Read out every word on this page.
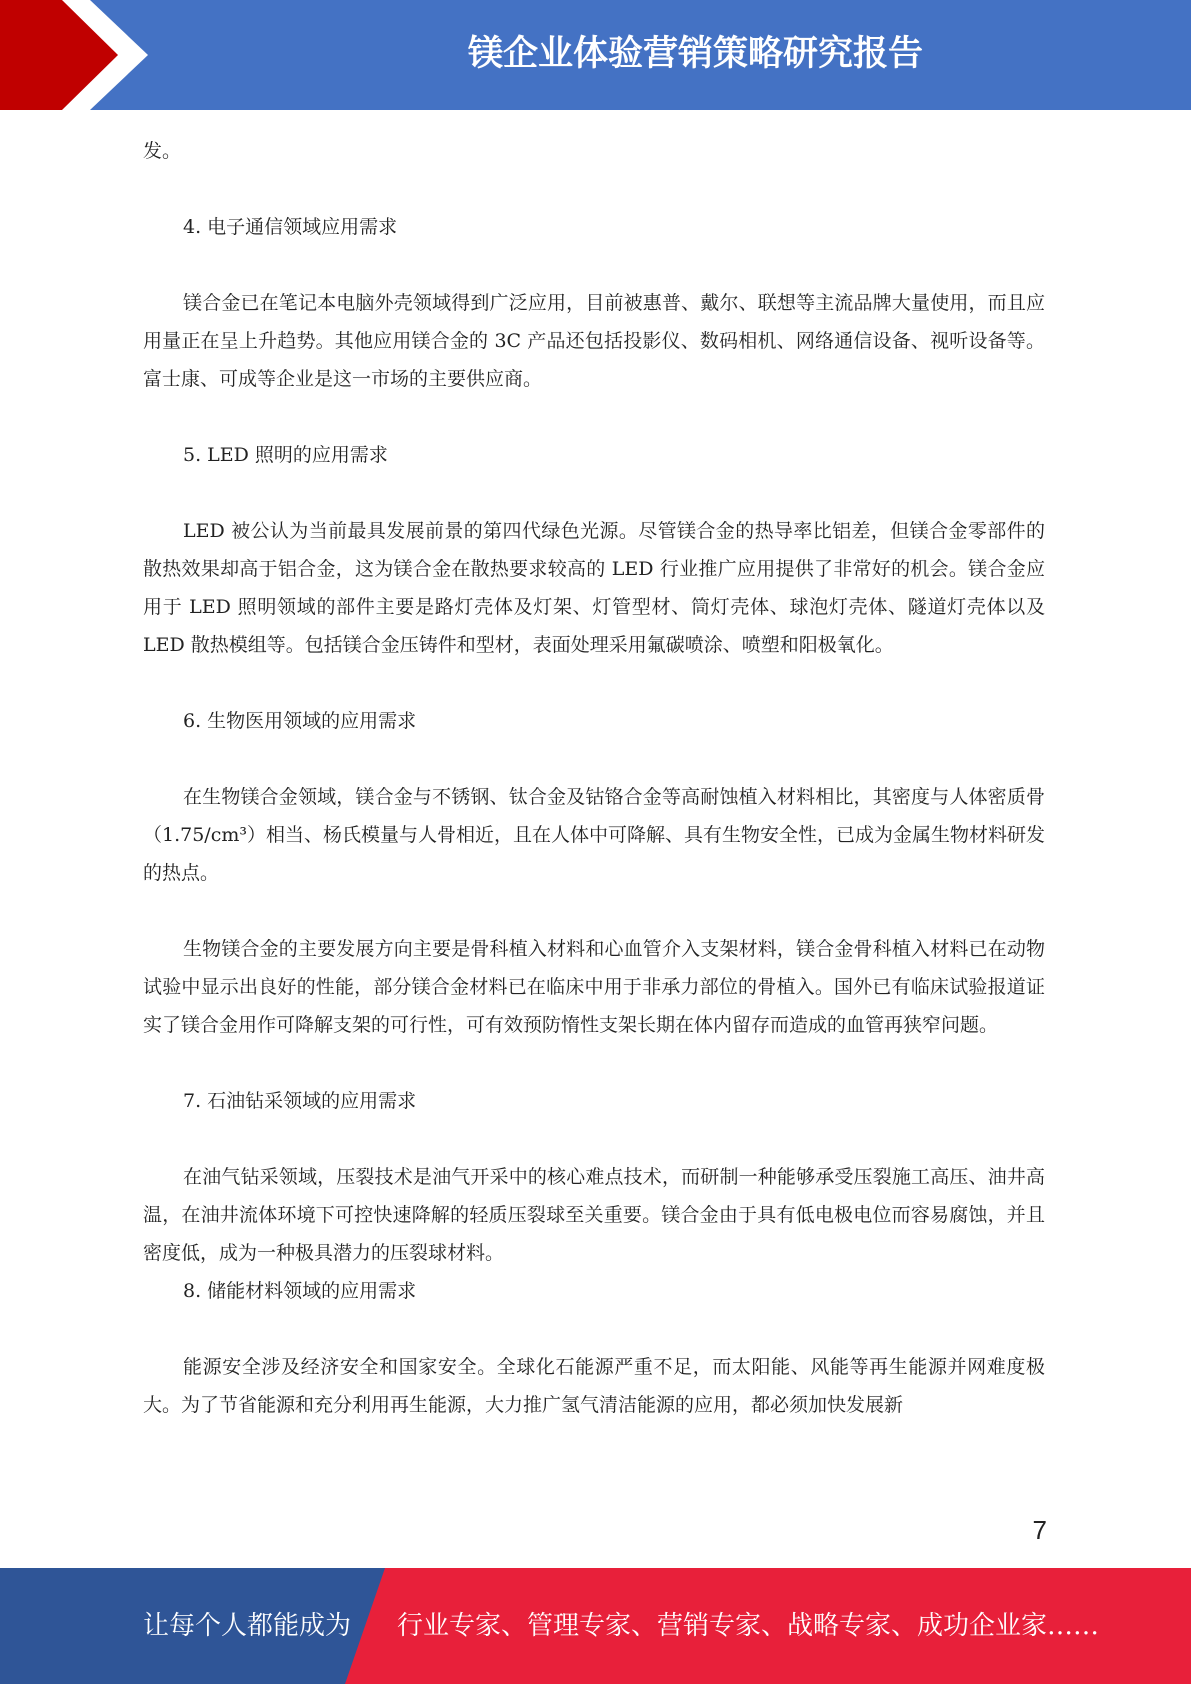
镁企业体验营销策略研究报告

发。

4. 电子通信领域应用需求

镁合金已在笔记本电脑外壳领域得到广泛应用，目前被惠普、戴尔、联想等主流品牌大量使用，而且应用量正在呈上升趋势。其他应用镁合金的 3C 产品还包括投影仪、数码相机、网络通信设备、视听设备等。富士康、可成等企业是这一市场的主要供应商。

5. LED 照明的应用需求

LED 被公认为当前最具发展前景的第四代绿色光源。尽管镁合金的热导率比铝差，但镁合金零部件的散热效果却高于铝合金，这为镁合金在散热要求较高的 LED 行业推广应用提供了非常好的机会。镁合金应用于 LED 照明领域的部件主要是路灯壳体及灯架、灯管型材、筒灯壳体、球泡灯壳体、隧道灯壳体以及 LED 散热模组等。包括镁合金压铸件和型材，表面处理采用氟碳喷涂、喷塑和阳极氧化。

6. 生物医用领域的应用需求

在生物镁合金领域，镁合金与不锈钢、钛合金及钴铬合金等高耐蚀植入材料相比，其密度与人体密质骨（1.75/cm³）相当、杨氏模量与人骨相近，且在人体中可降解、具有生物安全性，已成为金属生物材料研发的热点。

生物镁合金的主要发展方向主要是骨科植入材料和心血管介入支架材料，镁合金骨科植入材料已在动物试验中显示出良好的性能，部分镁合金材料已在临床中用于非承力部位的骨植入。国外已有临床试验报道证实了镁合金用作可降解支架的可行性，可有效预防惰性支架长期在体内留存而造成的血管再狭窄问题。

7. 石油钻采领域的应用需求

在油气钻采领域，压裂技术是油气开采中的核心难点技术，而研制一种能够承受压裂施工高压、油井高温，在油井流体环境下可控快速降解的轻质压裂球至关重要。镁合金由于具有低电极电位而容易腐蚀，并且密度低，成为一种极具潜力的压裂球材料。

8. 储能材料领域的应用需求

能源安全涉及经济安全和国家安全。全球化石能源严重不足，而太阳能、风能等再生能源并网难度极大。为了节省能源和充分利用再生能源，大力推广氢气清洁能源的应用，都必须加快发展新

7
让每个人都能成为 行业专家、管理专家、营销专家、战略专家、成功企业家……
